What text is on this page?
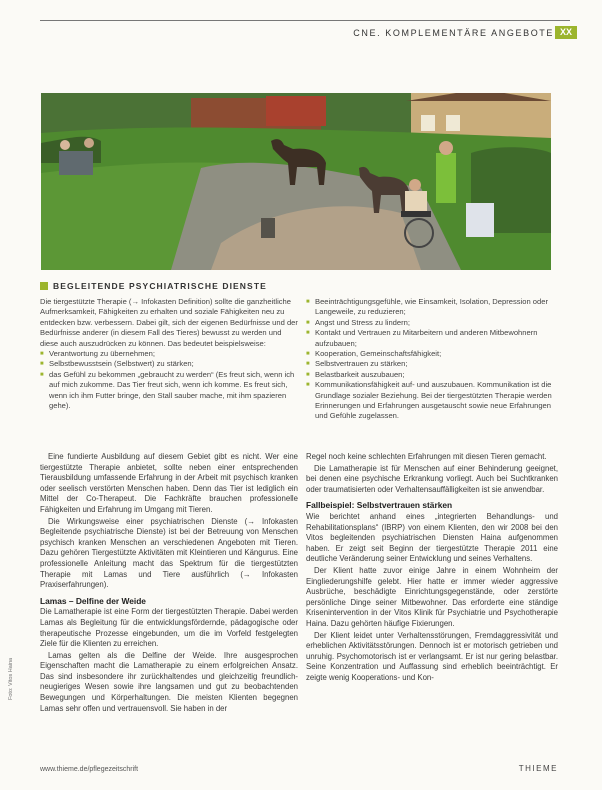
CNE. KOMPLEMENTÄRE ANGEBOTE XX
BEGLEITENDE PSYCHIATRISCHE DIENSTE

Die tiergestützte Therapie (→ Infokasten Definition) sollte die ganzheitliche Aufmerksamkeit, Fähigkeiten zu erhalten und soziale Fähigkeiten neu zu entdecken bzw. verbessern. Dabei gilt, sich der eigenen Bedürfnisse und der Bedürfnisse anderer (in diesem Fall des Tieres) bewusst zu werden und diese auch auszudrücken zu können. Das bedeutet beispielsweise:

■ Verantwortung zu übernehmen;
■ Selbstbewusstsein (Selbstwert) zu stärken;
■ das Gefühl zu bekommen „gebraucht zu werden“ (Es freut sich, wenn ich auf mich zukomme. Das Tier freut sich, wenn ich komme. Es freut sich, wenn ich ihm Futter bringe, den Stall sauber mache, mit ihm spazieren gehe).
■ Beeinträchtigungsgefühle, wie Einsamkeit, Isolation, Depression oder Langeweile, zu reduzieren;
■ Angst und Stress zu lindern;
■ Kontakt und Vertrauen zu Mitarbeitern und anderen Mitbewohnern aufzubauen;
■ Kooperation, Gemeinschaftsfähigkeit;
■ Selbstvertrauen zu stärken;
■ Belastbarkeit auszubauen;
■ Kommunikationsfähigkeit auf- und auszubauen. Kommunikation ist die Grundlage sozialer Beziehung. Bei der tiergestützten Therapie werden Erinnerungen und Erfahrungen ausgetauscht sowie neue Erfahrungen und Gefühle zugelassen.

Eine fundierte Ausbildung auf diesem Gebiet gibt es nicht. Wer eine tiergestützte Therapie anbietet, sollte neben einer entsprechenden Tierausbildung umfassende Erfahrung in der Arbeit mit psychisch kranken oder seelisch verstörten Menschen haben. Denn das Tier ist lediglich ein Mittel der Co-Therapeut. Die Fachkräfte brauchen professionelle Fähigkeiten und Erfahrung im Umgang mit Tieren.

Die Wirkungsweise einer psychiatrischen Dienste (→ Infokasten Begleitende psychiatrische Dienste) ist bei der Betreuung von Menschen psychisch kranken Menschen an verschiedenen Angeboten mit Tieren. Dazu gehören Tiergestützte Aktivitäten mit Kleintieren und Kängurus. Eine professionelle Anleitung macht das Spektrum für die tiergestützten Therapie mit Lamas und Tiere ausführlich (→ Infokasten Praxiserfahrungen).

Lamas – Delfine der Weide

Die Lamatherapie ist eine Form der tiergestützten Therapie. Dabei werden Lamas als Begleitung für die entwicklungsfördernde, pädagogische oder therapeutische Prozesse eingebunden, um die im Vorfeld festgelegten Ziele für die Klienten zu erreichen.

Lamas gelten als die Delfine der Weide. Ihre ausgesprochen Eigenschaften macht die Lamatherapie zu einem erfolgreichen Ansatz. Das sind insbesondere ihr zurückhaltendes und gleichzeitig freundlich-neugieriges Wesen sowie ihre langsamen und gut zu beobachtenden Bewegungen und Körperhaltungen. Die meisten Klienten begegnen Lamas sehr offen und vertrauensvoll. Sie haben in der

Regel noch keine schlechten Erfahrungen mit diesen Tieren gemacht.

Die Lamatherapie ist für Menschen auf einer Behinderung geeignet, bei denen eine psychische Erkrankung vorliegt. Auch bei Suchtkranken oder traumatisierten oder Verhaltensauffälligkeiten ist sie anwendbar.

Fallbeispiel: Selbstvertrauen stärken

Wie berichtet anhand eines „integrierten Behandlungs- und Rehabilitationsplans“ (IBRP) von einem Klienten, den wir 2008 bei den Vitos begleitenden psychiatrischen Diensten Haina aufgenommen haben. Er zeigt seit Beginn der tiergestützte Therapie 2011 eine deutliche Veränderung seiner Entwicklung und seines Verhaltens.

Der Klient hatte zuvor einige Jahre in einem Wohnheim der Eingliederungshilfe gelebt. Hier hatte er immer wieder aggressive Ausbrüche, beschädigte Einrichtungsgegenstände, oder zerstörte persönliche Dinge seiner Mitbewohner. Das erforderte eine ständige Krisenintervention in der Vitos Klinik für Psychiatrie und Psychotherapie Haina. Dazu gehörten häufige Fixierungen.

Der Klient leidet unter Verhaltensstörungen, Fremdaggressivität und erheblichen Aktivitätsstörungen. Dennoch ist er motorisch getrieben und unruhig. Psychomotorisch ist er verlangsamt. Er ist nur gering belastbar. Seine Konzentration und Auffassung sind erheblich beeinträchtigt. Er zeigte wenig Kooperations- und Kon-

Foto: Vitos Haina
www.thieme.de/pflegezeitschrift	THIEME
